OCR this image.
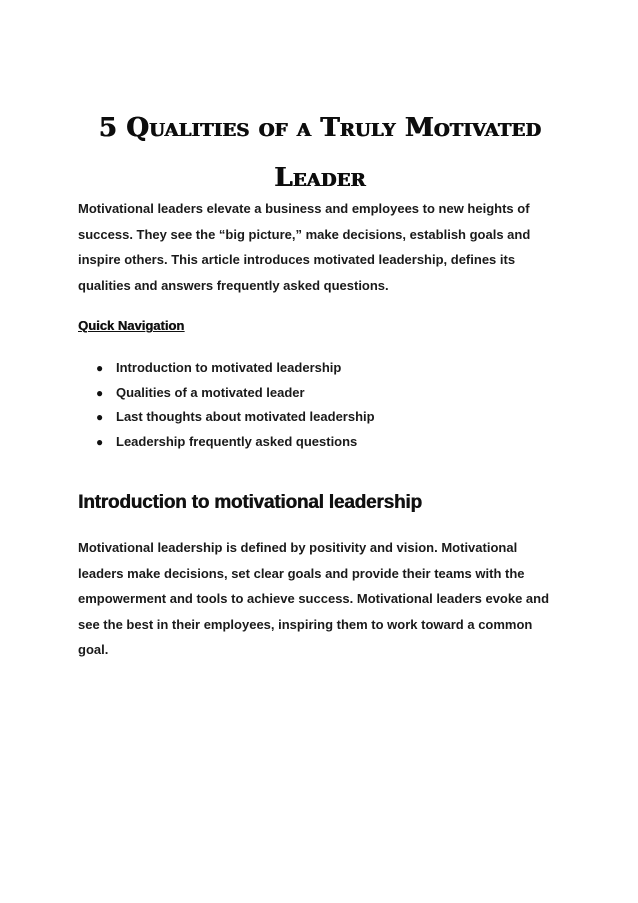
5 Qualities of a Truly Motivated Leader

Motivational leaders elevate a business and employees to new heights of success. They see the “big picture,” make decisions, establish goals and inspire others. This article introduces motivated leadership, defines its qualities and answers frequently asked questions.

Quick Navigation
● Introduction to motivated leadership
● Qualities of a motivated leader
● Last thoughts about motivated leadership
● Leadership frequently asked questions
Introduction to motivational leadership

Motivational leadership is defined by positivity and vision. Motivational leaders make decisions, set clear goals and provide their teams with the empowerment and tools to achieve success. Motivational leaders evoke and see the best in their employees, inspiring them to work toward a common goal.
